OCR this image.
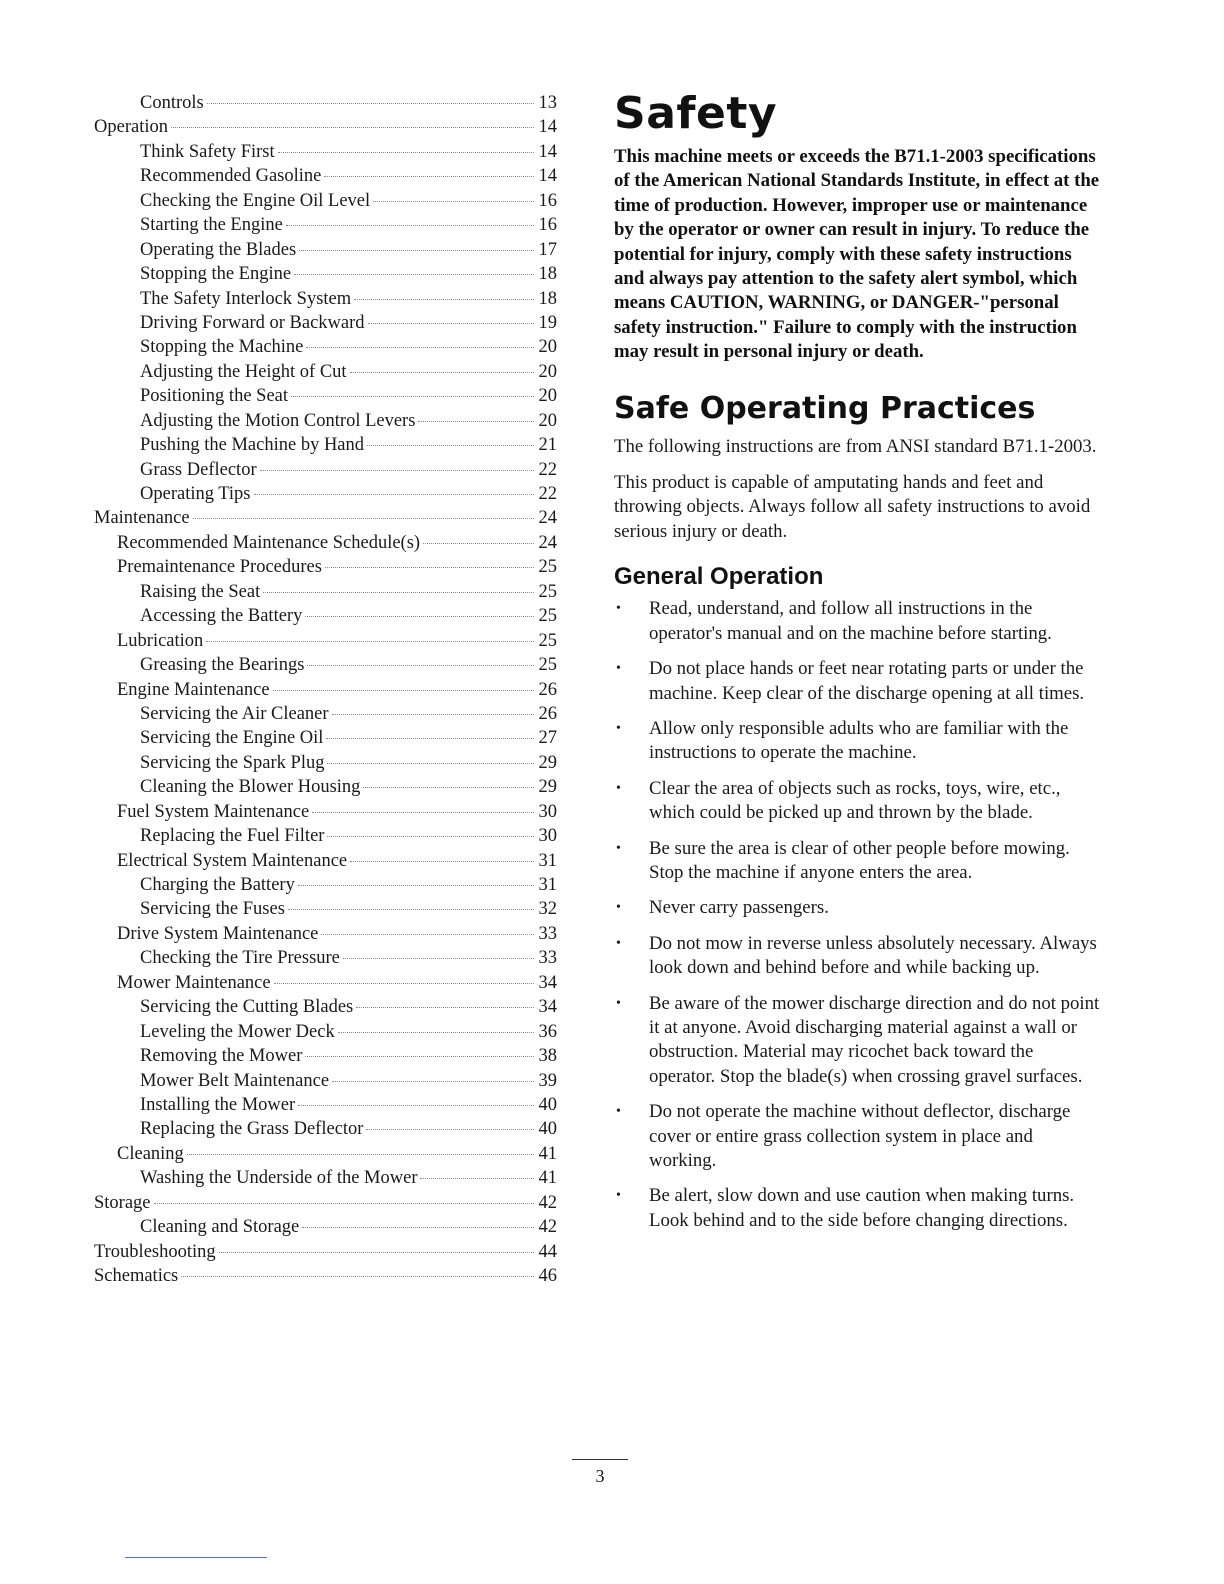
Controls	13
Operation	14
Think Safety First	14
Recommended Gasoline	14
Checking the Engine Oil Level	16
Starting the Engine	16
Operating the Blades	17
Stopping the Engine	18
The Safety Interlock System	18
Driving Forward or Backward	19
Stopping the Machine	20
Adjusting the Height of Cut	20
Positioning the Seat	20
Adjusting the Motion Control Levers	20
Pushing the Machine by Hand	21
Grass Deflector	22
Operating Tips	22
Maintenance	24
Recommended Maintenance Schedule(s)	24
Premaintenance Procedures	25
Raising the Seat	25
Accessing the Battery	25
Lubrication	25
Greasing the Bearings	25
Engine Maintenance	26
Servicing the Air Cleaner	26
Servicing the Engine Oil	27
Servicing the Spark Plug	29
Cleaning the Blower Housing	29
Fuel System Maintenance	30
Replacing the Fuel Filter	30
Electrical System Maintenance	31
Charging the Battery	31
Servicing the Fuses	32
Drive System Maintenance	33
Checking the Tire Pressure	33
Mower Maintenance	34
Servicing the Cutting Blades	34
Leveling the Mower Deck	36
Removing the Mower	38
Mower Belt Maintenance	39
Installing the Mower	40
Replacing the Grass Deflector	40
Cleaning	41
Washing the Underside of the Mower	41
Storage	42
Cleaning and Storage	42
Troubleshooting	44
Schematics	46
Safety

This machine meets or exceeds the B71.1-2003 specifications of the American National Standards Institute, in effect at the time of production. However, improper use or maintenance by the operator or owner can result in injury. To reduce the potential for injury, comply with these safety instructions and always pay attention to the safety alert symbol, which means CAUTION, WARNING, or DANGER-"personal safety instruction." Failure to comply with the instruction may result in personal injury or death.

Safe Operating Practices

The following instructions are from ANSI standard B71.1-2003.

This product is capable of amputating hands and feet and throwing objects. Always follow all safety instructions to avoid serious injury or death.

General Operation
•	Read, understand, and follow all instructions in the operator's manual and on the machine before starting.
•	Do not place hands or feet near rotating parts or under the machine. Keep clear of the discharge opening at all times.
•	Allow only responsible adults who are familiar with the instructions to operate the machine.
•	Clear the area of objects such as rocks, toys, wire, etc., which could be picked up and thrown by the blade.
•	Be sure the area is clear of other people before mowing. Stop the machine if anyone enters the area.
•	Never carry passengers.
•	Do not mow in reverse unless absolutely necessary. Always look down and behind before and while backing up.
•	Be aware of the mower discharge direction and do not point it at anyone. Avoid discharging material against a wall or obstruction. Material may ricochet back toward the operator. Stop the blade(s) when crossing gravel surfaces.
•	Do not operate the machine without deflector, discharge cover or entire grass collection system in place and working.
•	Be alert, slow down and use caution when making turns. Look behind and to the side before changing directions.
3
